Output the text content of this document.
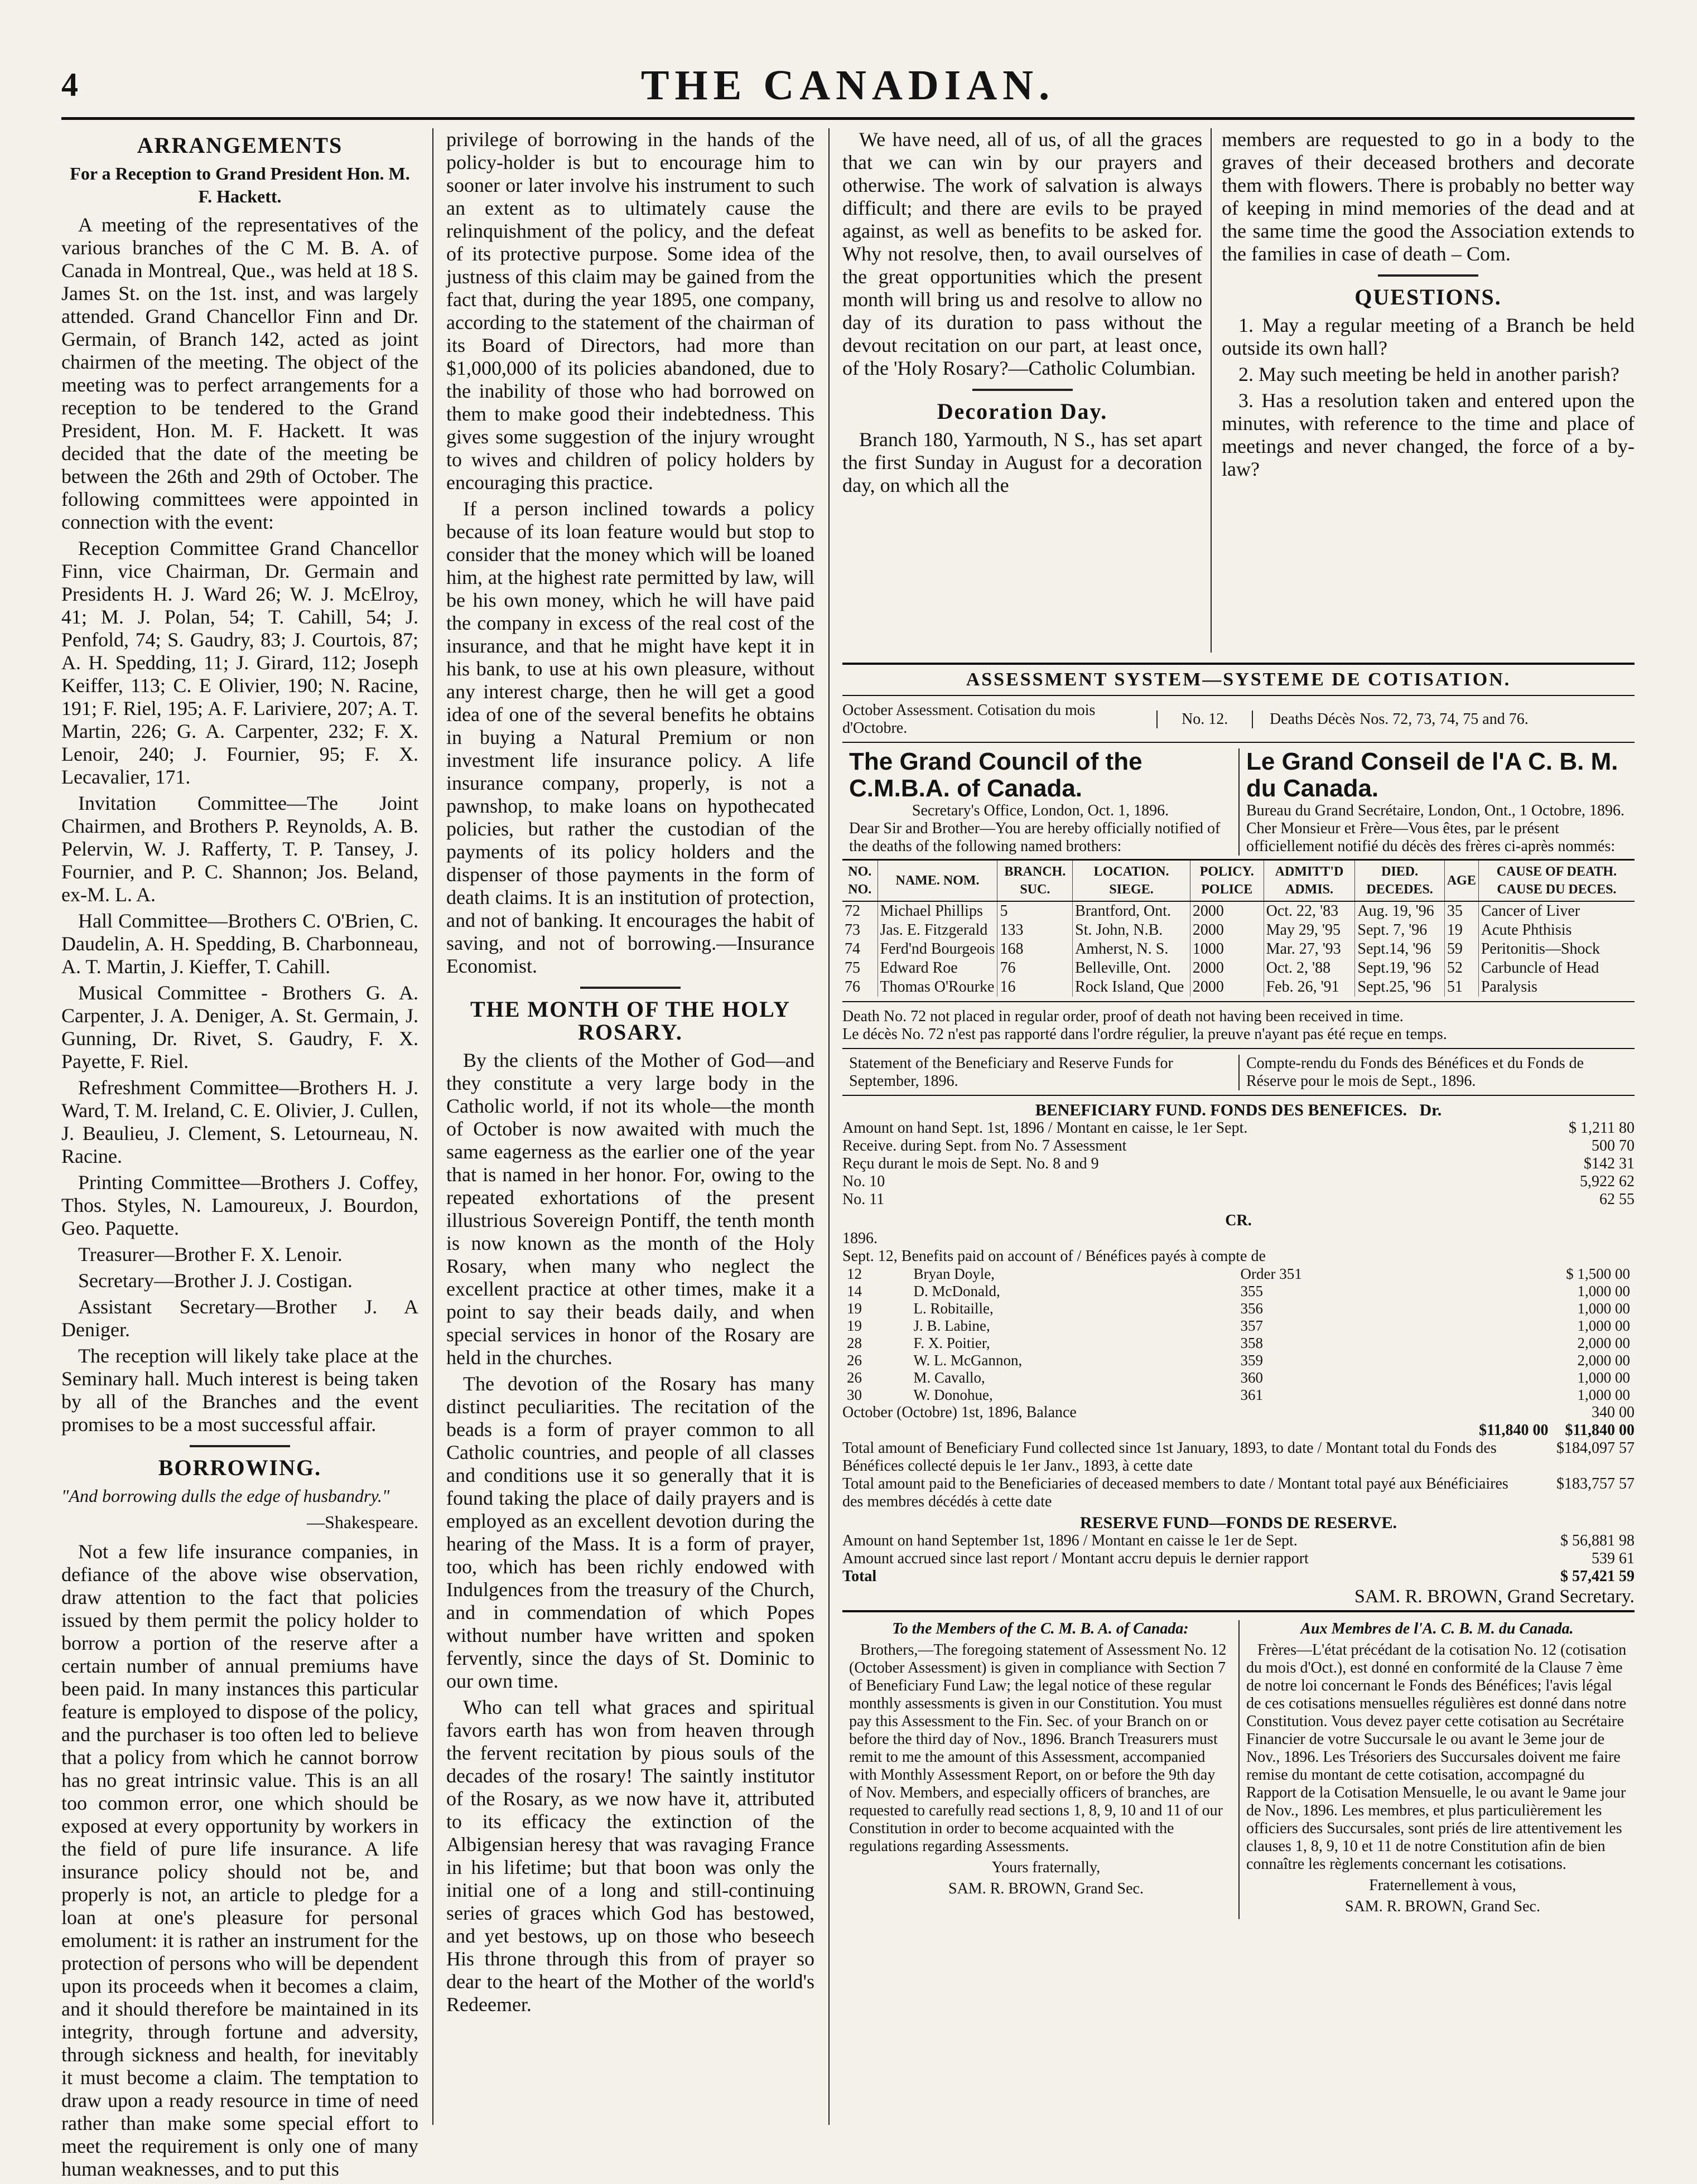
4	THE CANADIAN.
ARRANGEMENTS
For a Reception to Grand President Hon. M. F. Hackett.

A meeting of the representatives of the various branches of the C M. B. A. of Canada in Montreal, Que., was held at 18 S. James St. on the 1st. inst, and was largely attended. Grand Chancellor Finn and Dr. Germain, of Branch 142, acted as joint chairmen of the meeting. The object of the meeting was to perfect arrangements for a reception to be tendered to the Grand President, Hon. M. F. Hackett. It was decided that the date of the meeting be between the 26th and 29th of October. The following committees were appointed in connection with the event:

Reception Committee Grand Chancellor Finn, vice Chairman, Dr. Germain and Presidents H. J. Ward 26; W. J. McElroy, 41; M. J. Polan, 54; T. Cahill, 54; J. Penfold, 74; S. Gaudry, 83; J. Courtois, 87; A. H. Spedding, 11; J. Girard, 112; Joseph Keiffer, 113; C. E Olivier, 190; N. Racine, 191; F. Riel, 195; A. F. Lariviere, 207; A. T. Martin, 226; G. A. Carpenter, 232; F. X. Lenoir, 240; J. Fournier, 95; F. X. Lecavalier, 171.

Invitation Committee—The Joint Chairmen, and Brothers P. Reynolds, A. B. Pelervin, W. J. Rafferty, T. P. Tansey, J. Fournier, and P. C. Shannon; Jos. Beland, ex-M. L. A.

Hall Committee—Brothers C. O'Brien, C. Daudelin, A. H. Spedding, B. Charbonneau, A. T. Martin, J. Kieffer, T. Cahill.

Musical Committee - Brothers G. A. Carpenter, J. A. Deniger, A. St. Germain, J. Gunning, Dr. Rivet, S. Gaudry, F. X. Payette, F. Riel.

Refreshment Committee—Brothers H. J. Ward, T. M. Ireland, C. E. Olivier, J. Cullen, J. Beaulieu, J. Clement, S. Letourneau, N. Racine.

Printing Committee—Brothers J. Coffey, Thos. Styles, N. Lamoureux, J. Bourdon, Geo. Paquette.

Treasurer—Brother F. X. Lenoir.

Secretary—Brother J. J. Costigan.

Assistant Secretary—Brother J. A Deniger.

The reception will likely take place at the Seminary hall. Much interest is being taken by all of the Branches and the event promises to be a most successful affair.

BORROWING.

"And borrowing dulls the edge of husbandry."

—Shakespeare.

Not a few life insurance companies, in defiance of the above wise observation, draw attention to the fact that policies issued by them permit the policy holder to borrow a portion of the reserve after a certain number of annual premiums have been paid. In many instances this particular feature is employed to dispose of the policy, and the purchaser is too often led to believe that a policy from which he cannot borrow has no great intrinsic value. This is an all too common error, one which should be exposed at every opportunity by workers in the field of pure life insurance. A life insurance policy should not be, and properly is not, an article to pledge for a loan at one's pleasure for personal emolument: it is rather an instrument for the protection of persons who will be dependent upon its proceeds when it becomes a claim, and it should therefore be maintained in its integrity, through fortune and adversity, through sickness and health, for inevitably it must become a claim. The temptation to draw upon a ready resource in time of need rather than make some special effort to meet the requirement is only one of many human weaknesses, and to put this

privilege of borrowing in the hands of the policy-holder is but to encourage him to sooner or later involve his instrument to such an extent as to ultimately cause the relinquishment of the policy, and the defeat of its protective purpose. Some idea of the justness of this claim may be gained from the fact that, during the year 1895, one company, according to the statement of the chairman of its Board of Directors, had more than $1,000,000 of its policies abandoned, due to the inability of those who had borrowed on them to make good their indebtedness. This gives some suggestion of the injury wrought to wives and children of policy holders by encouraging this practice.

If a person inclined towards a policy because of its loan feature would but stop to consider that the money which will be loaned him, at the highest rate permitted by law, will be his own money, which he will have paid the company in excess of the real cost of the insurance, and that he might have kept it in his bank, to use at his own pleasure, without any interest charge, then he will get a good idea of one of the several benefits he obtains in buying a Natural Premium or non investment life insurance policy. A life insurance company, properly, is not a pawnshop, to make loans on hypothecated policies, but rather the custodian of the payments of its policy holders and the dispenser of those payments in the form of death claims. It is an institution of protection, and not of banking. It encourages the habit of saving, and not of borrowing.—Insurance Economist.

THE MONTH OF THE HOLY ROSARY.

By the clients of the Mother of God—and they constitute a very large body in the Catholic world, if not its whole—the month of October is now awaited with much the same eagerness as the earlier one of the year that is named in her honor. For, owing to the repeated exhortations of the present illustrious Sovereign Pontiff, the tenth month is now known as the month of the Holy Rosary, when many who neglect the excellent practice at other times, make it a point to say their beads daily, and when special services in honor of the Rosary are held in the churches.

The devotion of the Rosary has many distinct peculiarities. The recitation of the beads is a form of prayer common to all Catholic countries, and people of all classes and conditions use it so generally that it is found taking the place of daily prayers and is employed as an excellent devotion during the hearing of the Mass. It is a form of prayer, too, which has been richly endowed with Indulgences from the treasury of the Church, and in commendation of which Popes without number have written and spoken fervently, since the days of St. Dominic to our own time.

Who can tell what graces and spiritual favors earth has won from heaven through the fervent recitation by pious souls of the decades of the rosary! The saintly institutor of the Rosary, as we now have it, attributed to its efficacy the extinction of the Albigensian heresy that was ravaging France in his lifetime; but that boon was only the initial one of a long and still-continuing series of graces which God has bestowed, and yet bestows, up on those who beseech His throne through this from of prayer so dear to the heart of the Mother of the world's Redeemer.

We have need, all of us, of all the graces that we can win by our prayers and otherwise. The work of salvation is always difficult; and there are evils to be prayed against, as well as benefits to be asked for. Why not resolve, then, to avail ourselves of the great opportunities which the present month will bring us and resolve to allow no day of its duration to pass without the devout recitation on our part, at least once, of the 'Holy Rosary?—Catholic Columbian.

Decoration Day.

Branch 180, Yarmouth, N S., has set apart the first Sunday in August for a decoration day, on which all the

members are requested to go in a body to the graves of their deceased brothers and decorate them with flowers. There is probably no better way of keeping in mind memories of the dead and at the same time the good the Association extends to the families in case of death – Com.

QUESTIONS.

1. May a regular meeting of a Branch be held outside its own hall?

2. May such meeting be held in another parish?

3. Has a resolution taken and entered upon the minutes, with reference to the time and place of meetings and never changed, the force of a by-law?

ASSESSMENT SYSTEM—SYSTEME DE COTISATION.
October Assessment. Cotisation du mois d'Octobre.
No. 12.	Deaths Décès Nos. 72, 73, 74, 75 and 76.
The Grand Council of the C.M.B.A. of Canada.
Secretary's Office, London, Oct. 1, 1896.
Dear Sir and Brother—You are hereby officially notified of the deaths of the following named brothers:
Le Grand Conseil de l'A C. B. M. du Canada.
Bureau du Grand Secrétaire, London, Ont., 1 Octobre, 1896.
Cher Monsieur et Frère—Vous êtes, par le présent officiellement notifié du décès des frères ci-après nommés:
NO. NO.	NAME. NOM.	BRANCH. SUC.	LOCATION. SIEGE.	POLICY. POLICE	ADMITT'D ADMIS.	DIED. DECEDES.	AGE	CAUSE OF DEATH. CAUSE DU DECES.
72	Michael Phillips	5	Brantford, Ont.	2000	Oct. 22, '83	Aug. 19, '96	35	Cancer of Liver
73	Jas. E. Fitzgerald	133	St. John, N.B.	2000	May 29, '95	Sept. 7, '96	19	Acute Phthisis
74	Ferd'nd Bourgeois	168	Amherst, N. S.	1000	Mar. 27, '93	Sept.14, '96	59	Peritonitis—Shock
75	Edward Roe	76	Belleville, Ont.	2000	Oct. 2, '88	Sept.19, '96	52	Carbuncle of Head
76	Thomas O'Rourke	16	Rock Island, Que	2000	Feb. 26, '91	Sept.25, '96	51	Paralysis
Death No. 72 not placed in regular order, proof of death not having been received in time.
Le décès No. 72 n'est pas rapporté dans l'ordre régulier, la preuve n'ayant pas été reçue en temps.
Statement of the Beneficiary and Reserve Funds for September, 1896.
Compte-rendu du Fonds des Bénéfices et du Fonds de Réserve pour le mois de Sept., 1896.
BENEFICIARY FUND. FONDS DES BENEFICES. Dr.
Amount on hand Sept. 1st, 1896 / Montant en caisse, le 1er Sept.	$ 1,211 80
Receive. during Sept. from No. 7 Assessment	500 70
Reçu durant le mois de Sept. No. 8 and 9	$142 31
No. 10	5,922 62
No. 11	62 55
CR.
1896.
Sept. 12, Benefits paid on account of / Bénéfices payés à compte de
12	Bryan Doyle,	Order 351	$ 1,500 00
14	D. McDonald,	355	1,000 00
19	L. Robitaille,	356	1,000 00
19	J. B. Labine,	357	1,000 00
28	F. X. Poitier,	358	2,000 00
26	W. L. McGannon,	359	2,000 00
26	M. Cavallo,	360	1,000 00
30	W. Donohue,	361	1,000 00
October (Octobre) 1st, 1896, Balance	340 00
$11,840 00 $11,840 00
Total amount of Beneficiary Fund collected since 1st January, 1893, to date / Montant total du Fonds des Bénéfices collecté depuis le 1er Janv., 1893, à cette date
$184,097 57
Total amount paid to the Beneficiaries of deceased members to date / Montant total payé aux Bénéficiaires des membres décédés à cette date
$183,757 57
RESERVE FUND—FONDS DE RESERVE.
Amount on hand September 1st, 1896 / Montant en caisse le 1er de Sept.	$ 56,881 98
Amount accrued since last report / Montant accru depuis le dernier rapport	539 61
Total	$ 57,421 59
SAM. R. BROWN, Grand Secretary.

To the Members of the C. M. B. A. of Canada:

Brothers,—The foregoing statement of Assessment No. 12 (October Assessment) is given in compliance with Section 7 of Beneficiary Fund Law; the legal notice of these regular monthly assessments is given in our Constitution. You must pay this Assessment to the Fin. Sec. of your Branch on or before the third day of Nov., 1896. Branch Treasurers must remit to me the amount of this Assessment, accompanied with Monthly Assessment Report, on or before the 9th day of Nov. Members, and especially officers of branches, are requested to carefully read sections 1, 8, 9, 10 and 11 of our Constitution in order to become acquainted with the regulations regarding Assessments.

Yours fraternally,

SAM. R. BROWN, Grand Sec.

Aux Membres de l'A. C. B. M. du Canada.

Frères—L'état précédant de la cotisation No. 12 (cotisation du mois d'Oct.), est donné en conformité de la Clause 7 ème de notre loi concernant le Fonds des Bénéfices; l'avis légal de ces cotisations mensuelles régulières est donné dans notre Constitution. Vous devez payer cette cotisation au Secrétaire Financier de votre Succursale le ou avant le 3eme jour de Nov., 1896. Les Trésoriers des Succursales doivent me faire remise du montant de cette cotisation, accompagné du Rapport de la Cotisation Mensuelle, le ou avant le 9ame jour de Nov., 1896. Les membres, et plus particulièrement les officiers des Succursales, sont priés de lire attentivement les clauses 1, 8, 9, 10 et 11 de notre Constitution afin de bien connaître les règlements concernant les cotisations.

Fraternellement à vous,

SAM. R. BROWN, Grand Sec.
